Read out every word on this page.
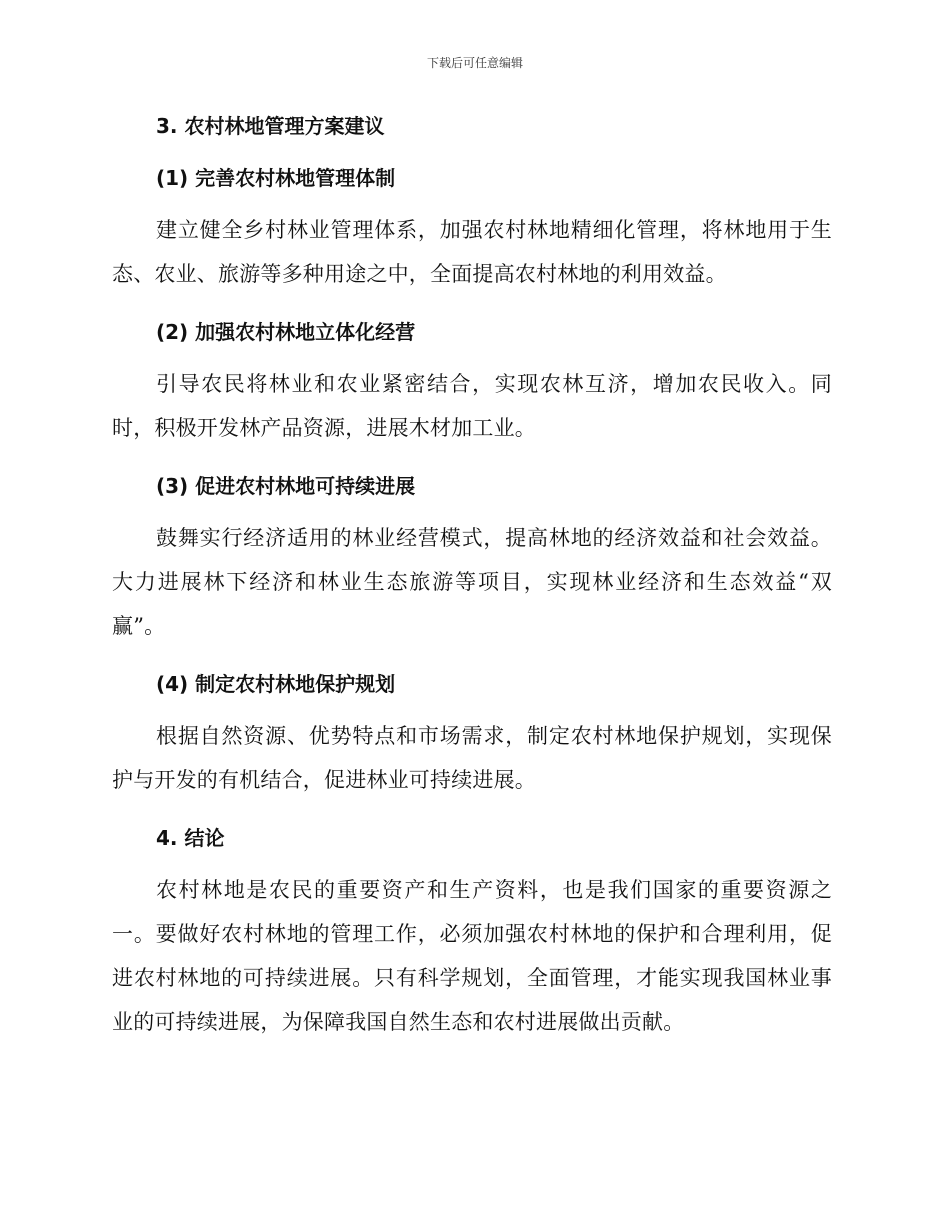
下载后可任意编辑
3. 农村林地管理方案建议
(1) 完善农村林地管理体制

建立健全乡村林业管理体系，加强农村林地精细化管理，将林地用于生态、农业、旅游等多种用途之中，全面提高农村林地的利用效益。

(2) 加强农村林地立体化经营

引导农民将林业和农业紧密结合，实现农林互济，增加农民收入。同时，积极开发林产品资源，进展木材加工业。

(3) 促进农村林地可持续进展

鼓舞实行经济适用的林业经营模式，提高林地的经济效益和社会效益。大力进展林下经济和林业生态旅游等项目，实现林业经济和生态效益“双赢”。

(4) 制定农村林地保护规划

根据自然资源、优势特点和市场需求，制定农村林地保护规划，实现保护与开发的有机结合，促进林业可持续进展。

4. 结论

农村林地是农民的重要资产和生产资料，也是我们国家的重要资源之一。要做好农村林地的管理工作，必须加强农村林地的保护和合理利用，促进农村林地的可持续进展。只有科学规划，全面管理，才能实现我国林业事业的可持续进展，为保障我国自然生态和农村进展做出贡献。
